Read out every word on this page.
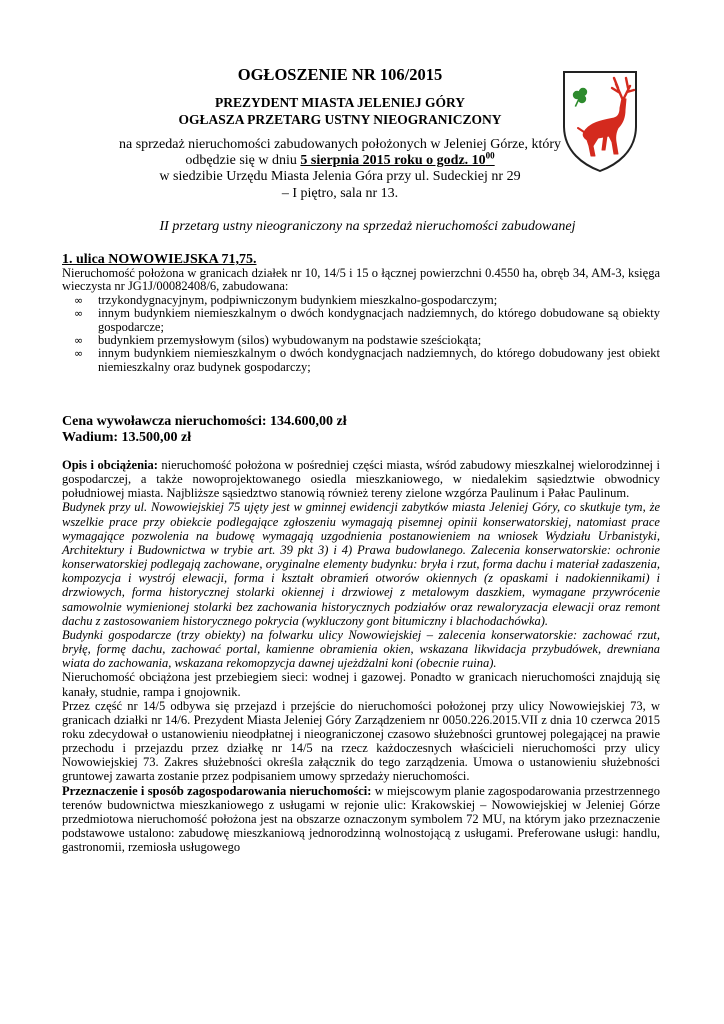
OGŁOSZENIE NR 106/2015
PREZYDENT MIASTA JELENIEJ GÓRY
OGŁASZA PRZETARG USTNY NIEOGRANICZONY
na sprzedaż nieruchomości zabudowanych położonych w Jeleniej Górze, który
odbędzie się w dniu 5 sierpnia 2015 roku o godz. $10^{00}$
w siedzibie Urzędu Miasta Jelenia Góra przy ul. Sudeckiej nr 29
– I piętro, sala nr 13.
II przetarg ustny nieograniczony na sprzedaż nieruchomości zabudowanej
1. ulica NOWOWIEJSKA 71,75.

Nieruchomość położona w granicach działek nr 10, 14/5 i 15 o łącznej powierzchni 0.4550 ha, obręb 34, AM-3, księga wieczysta nr JG1J/00082408/6, zabudowana:

∞ trzykondygnacyjnym, podpiwniczonym budynkiem mieszkalno-gospodarczym;
∞ innym budynkiem niemieszkalnym o dwóch kondygnacjach nadziemnych, do którego dobudowane są obiekty gospodarcze;
∞ budynkiem przemysłowym (silos) wybudowanym na podstawie sześciokąta;
∞ innym budynkiem niemieszkalnym o dwóch kondygnacjach nadziemnych, do którego dobudowany jest obiekt niemieszkalny oraz budynek gospodarczy;
Cena wywoławcza nieruchomości: 134.600,00 zł
Wadium: 13.500,00 zł

Opis i obciążenia: nieruchomość położona w pośredniej części miasta, wśród zabudowy mieszkalnej wielorodzinnej i gospodarczej, a także nowoprojektowanego osiedla mieszkaniowego, w niedalekim sąsiedztwie obwodnicy południowej miasta. Najbliższe sąsiedztwo stanowią również tereny zielone wzgórza Paulinum i Pałac Paulinum.

Budynek przy ul. Nowowiejskiej 75 ujęty jest w gminnej ewidencji zabytków miasta Jeleniej Góry, co skutkuje tym, że wszelkie prace przy obiekcie podlegające zgłoszeniu wymagają pisemnej opinii konserwatorskiej, natomiast prace wymagające pozwolenia na budowę wymagają uzgodnienia postanowieniem na wniosek Wydziału Urbanistyki, Architektury i Budownictwa w trybie art. 39 pkt 3) i 4) Prawa budowlanego. Zalecenia konserwatorskie: ochronie konserwatorskiej podlegają zachowane, oryginalne elementy budynku: bryła i rzut, forma dachu i materiał zadaszenia, kompozycja i wystrój elewacji, forma i kształt obramień otworów okiennych (z opaskami i nadokiennikami) i drzwiowych, forma historycznej stolarki okiennej i drzwiowej z metalowym daszkiem, wymagane przywrócenie samowolnie wymienionej stolarki bez zachowania historycznych podziałów oraz rewaloryzacja elewacji oraz remont dachu z zastosowaniem historycznego pokrycia (wykluczony gont bitumiczny i blachodachówka).

Budynki gospodarcze (trzy obiekty) na folwarku ulicy Nowowiejskiej – zalecenia konserwatorskie: zachować rzut, bryłę, formę dachu, zachować portal, kamienne obramienia okien, wskazana likwidacja przybudówek, drewniana wiata do zachowania, wskazana rekomopzycja dawnej ujeżdżalni koni (obecnie ruina).

Nieruchomość obciążona jest przebiegiem sieci: wodnej i gazowej. Ponadto w granicach nieruchomości znajdują się kanały, studnie, rampa i gnojownik.

Przez część nr 14/5 odbywa się przejazd i przejście do nieruchomości położonej przy ulicy Nowowiejskiej 73, w granicach działki nr 14/6. Prezydent Miasta Jeleniej Góry Zarządzeniem nr 0050.226.2015.VII z dnia 10 czerwca 2015 roku zdecydował o ustanowieniu nieodpłatnej i nieograniczonej czasowo służebności gruntowej polegającej na prawie przechodu i przejazdu przez działkę nr 14/5 na rzecz każdoczesnych właścicieli nieruchomości przy ulicy Nowowiejskiej 73. Zakres służebności określa załącznik do tego zarządzenia. Umowa o ustanowieniu służebności gruntowej zawarta zostanie przez podpisaniem umowy sprzedaży nieruchomości.

Przeznaczenie i sposób zagospodarowania nieruchomości: w miejscowym planie zagospodarowania przestrzennego terenów budownictwa mieszkaniowego z usługami w rejonie ulic: Krakowskiej – Nowowiejskiej w Jeleniej Górze przedmiotowa nieruchomość położona jest na obszarze oznaczonym symbolem 72 MU, na którym jako przeznaczenie podstawowe ustalono: zabudowę mieszkaniową jednorodzinną wolnostojącą z usługami. Preferowane usługi: handlu, gastronomii, rzemiosła usługowego
